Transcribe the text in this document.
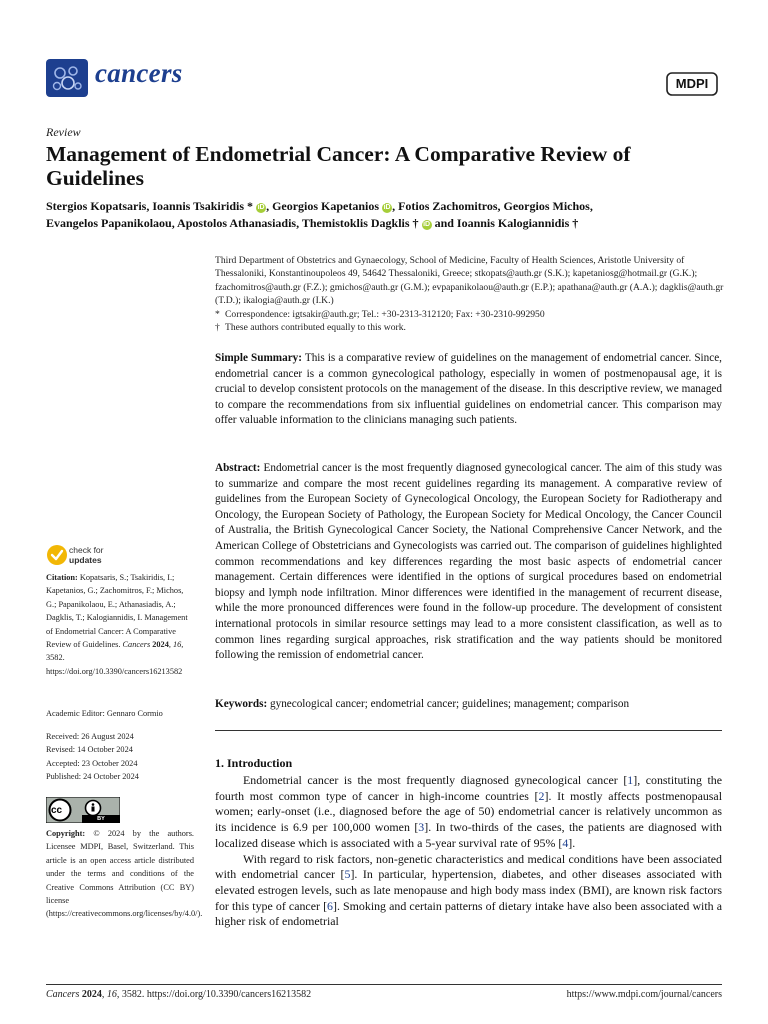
cancers	MDPI
Review
Management of Endometrial Cancer: A Comparative Review of Guidelines

Stergios Kopatsaris, Ioannis Tsakiridis * iD , Georgios Kapetanios iD , Fotios Zachomitros, Georgios Michos,
Evangelos Papanikolaou, Apostolos Athanasiadis, Themistoklis Dagklis † iD and Ioannis Kalogiannidis †

Third Department of Obstetrics and Gynaecology, School of Medicine, Faculty of Health Sciences, Aristotle University of Thessaloniki, Konstantinoupoleos 49, 54642 Thessaloniki, Greece; stkopats@auth.gr (S.K.); kapetaniosg@hotmail.gr (G.K.); fzachomitros@auth.gr (F.Z.); gmichos@auth.gr (G.M.); evpapanikolaou@auth.gr (E.P.); apathana@auth.gr (A.A.); dagklis@auth.gr (T.D.); ikalogia@auth.gr (I.K.)
* Correspondence: igtsakir@auth.gr; Tel.: +30-2313-312120; Fax: +30-2310-992950
† These authors contributed equally to this work.

Simple Summary: This is a comparative review of guidelines on the management of endometrial cancer. Since, endometrial cancer is a common gynecological pathology, especially in women of postmenopausal age, it is crucial to develop consistent protocols on the management of the disease. In this descriptive review, we managed to compare the recommendations from six influential guidelines on endometrial cancer. This comparison may offer valuable information to the clinicians managing such patients.

Abstract: Endometrial cancer is the most frequently diagnosed gynecological cancer. The aim of this study was to summarize and compare the most recent guidelines regarding its management. A comparative review of guidelines from the European Society of Gynecological Oncology, the European Society for Radiotherapy and Oncology, the European Society of Pathology, the European Society for Medical Oncology, the Cancer Council of Australia, the British Gynecological Cancer Society, the National Comprehensive Cancer Network, and the American College of Obstetricians and Gynecologists was carried out. The comparison of guidelines highlighted common recommendations and key differences regarding the most basic aspects of endometrial cancer management. Certain differences were identified in the options of surgical procedures based on endometrial biopsy and lymph node infiltration. Minor differences were identified in the management of recurrent disease, while the more pronounced differences were found in the follow-up procedure. The development of consistent international protocols in similar resource settings may lead to a more consistent classification, as well as to common lines regarding surgical approaches, risk stratification and the way patients should be monitored following the remission of endometrial cancer.

Keywords: gynecological cancer; endometrial cancer; guidelines; management; comparison

1. Introduction

Endometrial cancer is the most frequently diagnosed gynecological cancer [1], constituting the fourth most common type of cancer in high-income countries [2]. It mostly affects postmenopausal women; early-onset (i.e., diagnosed before the age of 50) endometrial cancer is relatively uncommon as its incidence is 6.9 per 100,000 women [3]. In two-thirds of the cases, the patients are diagnosed with localized disease which is associated with a 5-year survival rate of 95% [4].

With regard to risk factors, non-genetic characteristics and medical conditions have been associated with endometrial cancer [5]. In particular, hypertension, diabetes, and other diseases associated with elevated estrogen levels, such as late menopause and high body mass index (BMI), are known risk factors for this type of cancer [6]. Smoking and certain patterns of dietary intake have also been associated with a higher risk of endometrial

check for
updates

Citation: Kopatsaris, S.; Tsakiridis, I.; Kapetanios, G.; Zachomitros, F.; Michos, G.; Papanikolaou, E.; Athanasiadis, A.; Dagklis, T.; Kalogiannidis, I. Management of Endometrial Cancer: A Comparative Review of Guidelines. Cancers 2024, 16, 3582. https://doi.org/10.3390/cancers16213582

Academic Editor: Gennaro Cormio

Received: 26 August 2024
Revised: 14 October 2024
Accepted: 23 October 2024
Published: 24 October 2024
cc
BY

Copyright: © 2024 by the authors. Licensee MDPI, Basel, Switzerland. This article is an open access article distributed under the terms and conditions of the Creative Commons Attribution (CC BY) license (https://creativecommons.org/licenses/by/4.0/).

Cancers 2024, 16, 3582. https://doi.org/10.3390/cancers16213582	https://www.mdpi.com/journal/cancers
